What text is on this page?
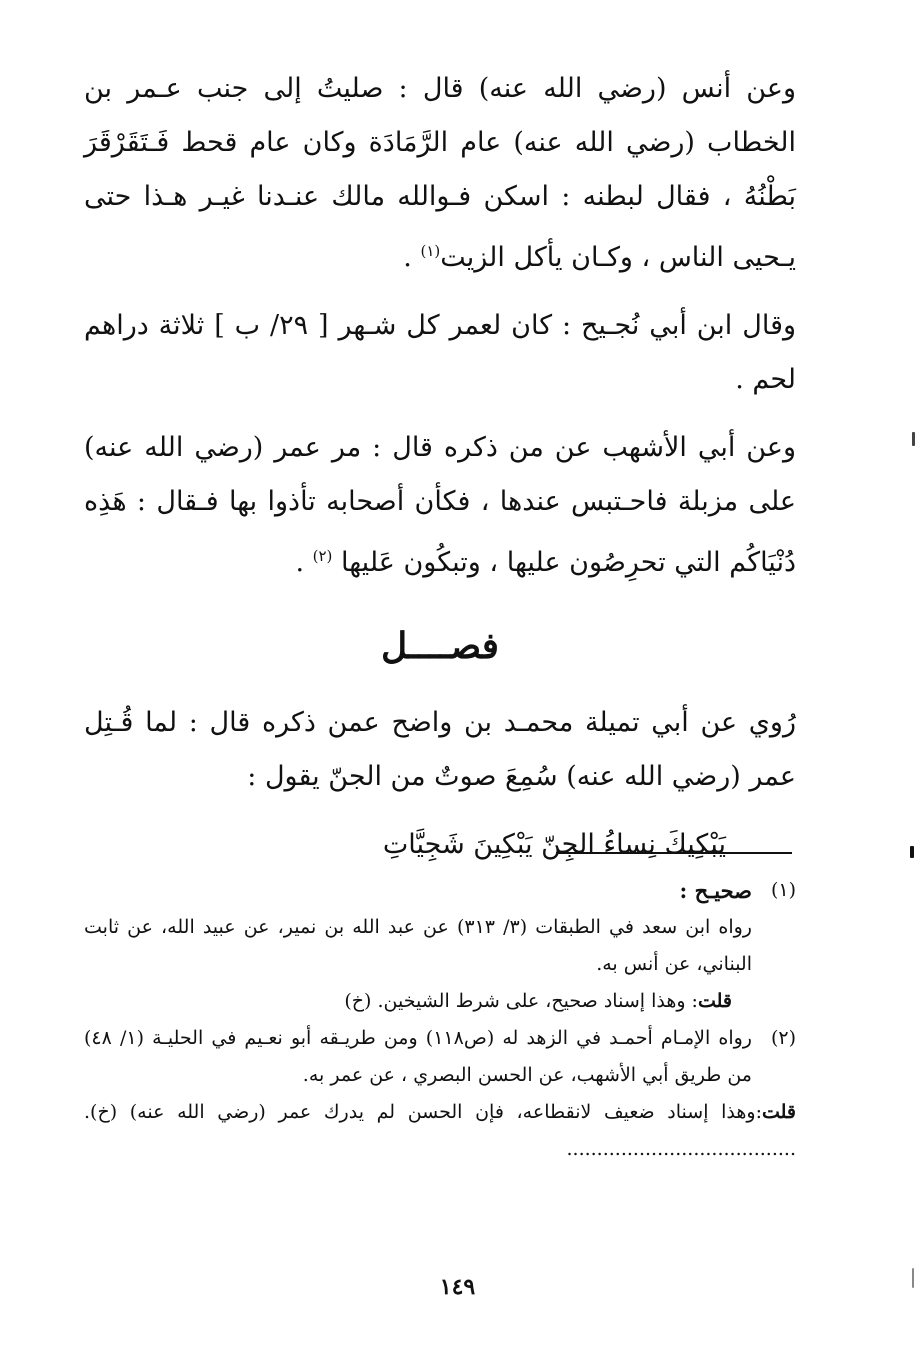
وعن أنس (رضي الله عنه) قال : صليتُ إلى جنب عـمر بن الخطاب (رضي الله عنه) عام الرَّمَادَة وكان عام قحط فَـتَقَرْقَرَ بَطْنُهُ ، فقال لبطنه : اسكن فـوالله مالك عنـدنا غيـر هـذا حتى يـحيى الناس ، وكـان يأكل الزيت$^{(١)}$ .

وقال ابن أبي نُجـيح : كان لعمر كل شـهر [ ٢٩/ ب ] ثلاثة دراهم لحم .

وعن أبي الأشهب عن من ذكره قال : مر عمر (رضي الله عنه) على مزبلة فاحـتبس عندها ، فكأن أصحابه تأذوا بها فـقال : هَذِه دُنْيَاكُم التي تحرِصُون عليها ، وتبكُون عَليها $^{(٢)}$ .

فصــــل

رُوي عن أبي تميلة محمـد بن واضح عمن ذكره قال : لما قُـتِل عمر (رضي الله عنه) سُمِعَ صوتٌ من الجنّ يقول :

يَبْكِيكَ نِساءُ الجِنّ يَبْكِينَ شَجِيَّاتِ

(١)
صحيـح :
رواه ابن سعد في الطبقات (٣/ ٣١٣) عن عبد الله بن نمير، عن عبيد الله، عن ثابت البناني، عن أنس به.
قلت: وهذا إسناد صحيح، على شرط الشيخين. (خ)
(٢)
رواه الإمـام أحمـد في الزهد له (ص١١٨) ومن طريـقه أبو نعـيم في الحليـة (١/ ٤٨) من طريق أبي الأشهب، عن الحسن البصري ، عن عمر به.
قلت:وهذا إسناد ضعيف لانقطاعه، فإن الحسن لم يدرك عمر (رضي الله عنه) (خ). ......................................
١٤٩
